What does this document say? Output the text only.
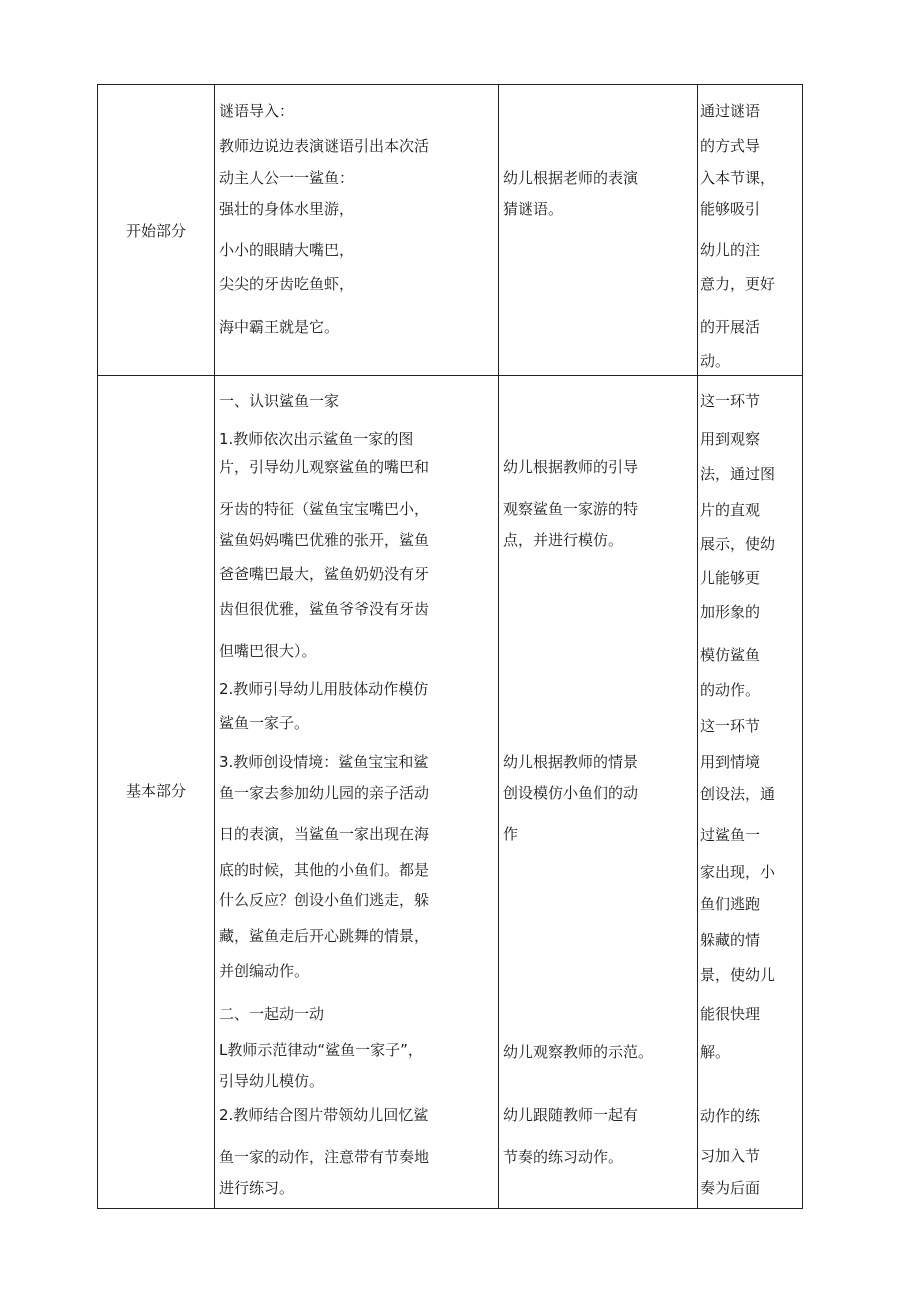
开始部分
谜语导入：
教师边说边表演谜语引出本次活
动主人公一一鲨鱼：
强壮的身体水里游，
小小的眼睛大嘴巴，
尖尖的牙齿吃鱼虾，
海中霸王就是它。
幼儿根据老师的表演
猜谜语。
通过谜语
的方式导
入本节课，
能够吸引
幼儿的注
意力，更好
的开展活
动。
基本部分
一、认识鲨鱼一家
1.教师依次出示鲨鱼一家的图
片，引导幼儿观察鲨鱼的嘴巴和
牙齿的特征（鲨鱼宝宝嘴巴小，
鲨鱼妈妈嘴巴优雅的张开，鲨鱼
爸爸嘴巴最大，鲨鱼奶奶没有牙
齿但很优雅，鲨鱼爷爷没有牙齿
但嘴巴很大）。
2.教师引导幼儿用肢体动作模仿
鲨鱼一家子。
3.教师创设情境：鲨鱼宝宝和鲨
鱼一家去参加幼儿园的亲子活动
日的表演，当鲨鱼一家出现在海
底的时候，其他的小鱼们。都是
什么反应？创设小鱼们逃走，躲
藏，鲨鱼走后开心跳舞的情景，
并创编动作。
二、一起动一动
L教师示范律动“鲨鱼一家子”，
引导幼儿模仿。
2.教师结合图片带领幼儿回忆鲨
鱼一家的动作，注意带有节奏地
进行练习。
幼儿根据教师的引导
观察鲨鱼一家游的特
点，并进行模仿。
幼儿根据教师的情景
创设模仿小鱼们的动
作
幼儿观察教师的示范。
幼儿跟随教师一起有
节奏的练习动作。
这一环节
用到观察
法，通过图
片的直观
展示，使幼
儿能够更
加形象的
模仿鲨鱼
的动作。
这一环节
用到情境
创设法，通
过鲨鱼一
家出现，小
鱼们逃跑
躲藏的情
景，使幼儿
能很快理
解。
动作的练
习加入节
奏为后面
